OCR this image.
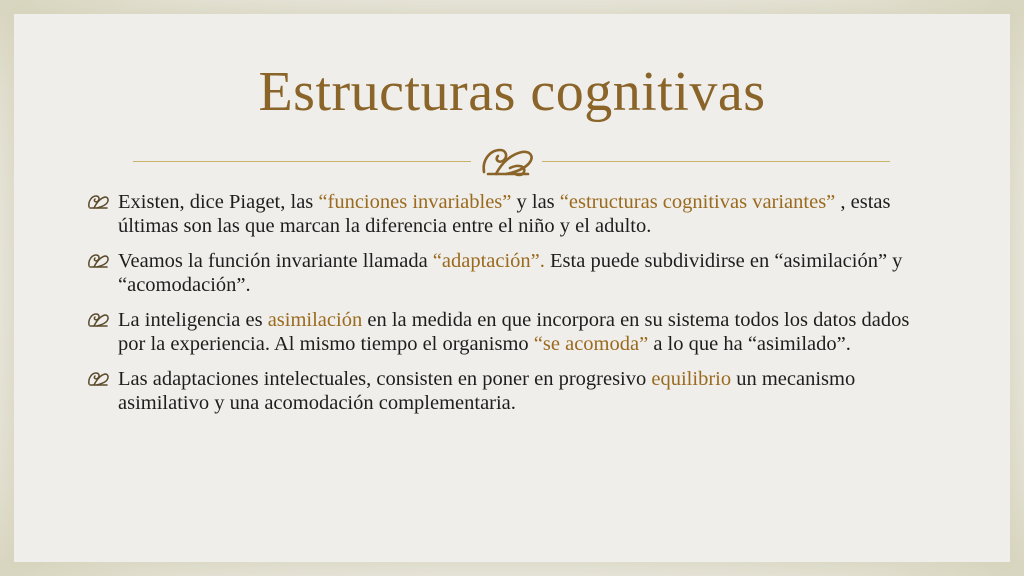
Estructuras cognitivas
Existen, dice Piaget, las “funciones invariables” y las “estructuras cognitivas variantes” , estas últimas son las que marcan la diferencia entre el niño y el adulto.
Veamos la función invariante llamada “adaptación”. Esta puede subdividirse en “asimilación” y “acomodación”.
La inteligencia es asimilación en la medida en que incorpora en su sistema todos los datos dados por la experiencia. Al mismo tiempo el organismo “se acomoda” a lo que ha “asimilado”.
Las adaptaciones intelectuales, consisten en poner en progresivo equilibrio un mecanismo asimilativo y una acomodación complementaria.
